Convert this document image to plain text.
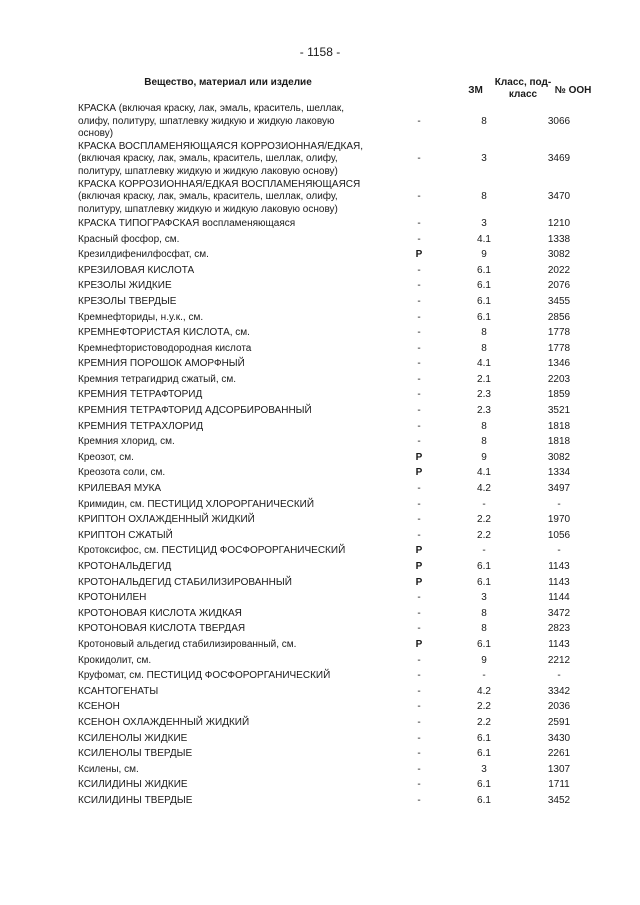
- 1158 -
Вещество, материал или изделие
ЗМ
Класс, под-класс	№ ООН
КРАСКА (включая краску, лак, эмаль, краситель, шеллак, олифу, политуру, шпатлевку жидкую и жидкую лаковую основу)
-	8	3066
КРАСКА ВОСПЛАМЕНЯЮЩАЯСЯ КОРРОЗИОННАЯ/ЕДКАЯ, (включая краску, лак, эмаль, краситель, шеллак, олифу, политуру, шпатлевку жидкую и жидкую лаковую основу)
-	3	3469
КРАСКА КОРРОЗИОННАЯ/ЕДКАЯ ВОСПЛАМЕНЯЮЩАЯСЯ (включая краску, лак, эмаль, краситель, шеллак, олифу, политуру, шпатлевку жидкую и жидкую лаковую основу)
-	8	3470
КРАСКА ТИПОГРАФСКАЯ воспламеняющаяся	-	3	1210
Красный фосфор, см.	-	4.1	1338
Крезилдифенилфосфат, см.	P	9	3082
КРЕЗИЛОВАЯ КИСЛОТА	-	6.1	2022
КРЕЗОЛЫ ЖИДКИЕ	-	6.1	2076
КРЕЗОЛЫ ТВЕРДЫЕ	-	6.1	3455
Кремнефториды, н.у.к., см.	-	6.1	2856
КРЕМНЕФТОРИСТАЯ КИСЛОТА, см.	-	8	1778
Кремнефтористоводородная кислота	-	8	1778
КРЕМНИЯ ПОРОШОК АМОРФНЫЙ	-	4.1	1346
Кремния тетрагидрид сжатый, см.	-	2.1	2203
КРЕМНИЯ ТЕТРАФТОРИД	-	2.3	1859
КРЕМНИЯ ТЕТРАФТОРИД АДСОРБИРОВАННЫЙ	-	2.3	3521
КРЕМНИЯ ТЕТРАХЛОРИД	-	8	1818
Кремния хлорид, см.	-	8	1818
Креозот, см.	P	9	3082
Креозота соли, см.	P	4.1	1334
КРИЛЕВАЯ МУКА	-	4.2	3497
Кримидин, см. ПЕСТИЦИД ХЛОРОРГАНИЧЕСКИЙ	-	-	-
КРИПТОН ОХЛАЖДЕННЫЙ ЖИДКИЙ	-	2.2	1970
КРИПТОН СЖАТЫЙ	-	2.2	1056
Кротоксифос, см. ПЕСТИЦИД ФОСФОРОРГАНИЧЕСКИЙ	P	-	-
КРОТОНАЛЬДЕГИД	P	6.1	1143
КРОТОНАЛЬДЕГИД СТАБИЛИЗИРОВАННЫЙ	P	6.1	1143
КРОТОНИЛЕН	-	3	1144
КРОТОНОВАЯ КИСЛОТА ЖИДКАЯ	-	8	3472
КРОТОНОВАЯ КИСЛОТА ТВЕРДАЯ	-	8	2823
Кротоновый альдегид стабилизированный, см.	P	6.1	1143
Крокидолит, см.	-	9	2212
Круфомат, см. ПЕСТИЦИД ФОСФОРОРГАНИЧЕСКИЙ	-	-	-
КСАНТОГЕНАТЫ	-	4.2	3342
КСЕНОН	-	2.2	2036
КСЕНОН ОХЛАЖДЕННЫЙ ЖИДКИЙ	-	2.2	2591
КСИЛЕНОЛЫ ЖИДКИЕ	-	6.1	3430
КСИЛЕНОЛЫ ТВЕРДЫЕ	-	6.1	2261
Ксилены, см.	-	3	1307
КСИЛИДИНЫ ЖИДКИЕ	-	6.1	1711
КСИЛИДИНЫ ТВЕРДЫЕ	-	6.1	3452
